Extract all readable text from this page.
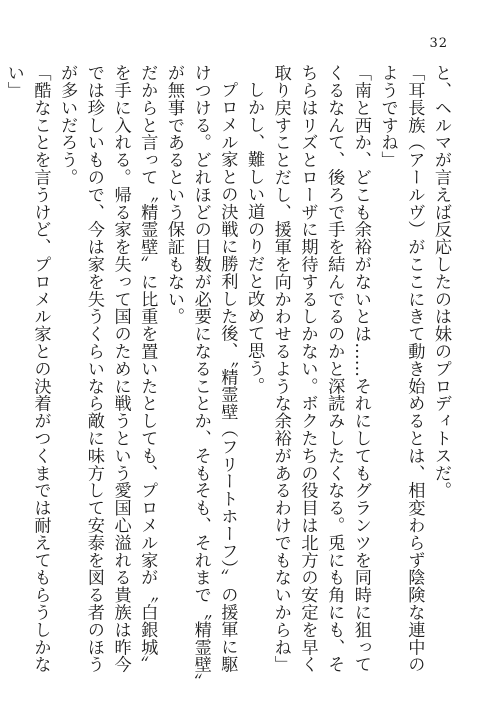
32

と、ヘルマが言えば反応したのは妹のプロディトスだ。

「耳長族（アールヴ）がここにきて動き始めるとは、相変わらず陰険な連中のようですね」

「南と西か、どこも余裕がないとは……それにしてもグランツを同時に狙ってくるなんて、後ろで手を結んでるのかと深読みしたくなる。兎にも角にも、そちらはリズとローザに期待するしかない。ボクたちの役目は北方の安定を早く取り戻すことだし、援軍を向かわせるような余裕があるわけでもないからね」

しかし、難しい道のりだと改めて思う。

プロメル家との決戦に勝利した後、〝精霊壁（フリートホーフ）〟の援軍に駆けつける。どれほどの日数が必要になることか、そもそも、それまで〝精霊壁〟が無事であるという保証もない。

だからと言って〝精霊壁〟に比重を置いたとしても、プロメル家が〝白銀城〟を手に入れる。帰る家を失って国のために戦うという愛国心溢れる貴族は昨今では珍しいもので、今は家を失うくらいなら敵に味方して安泰を図る者のほうが多いだろう。

「酷なことを言うけど、プロメル家との決着がつくまでは耐えてもらうしかない」
